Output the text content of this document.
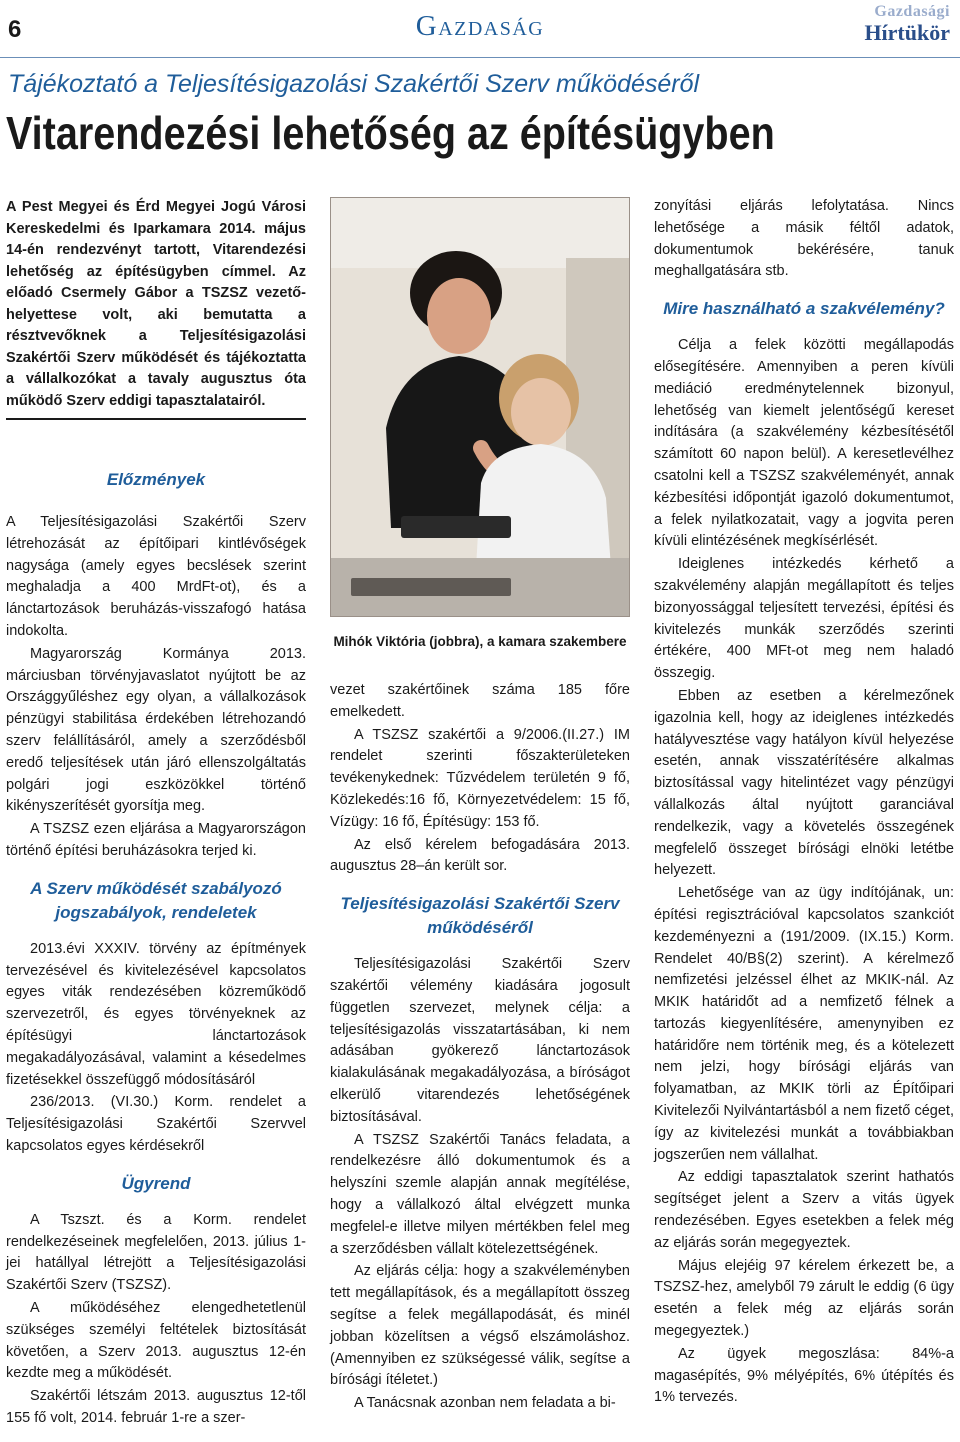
6	Gazdaság	Gazdasági
Hírtükör
Tájékoztató a Teljesítésigazolási Szakértői Szerv működéséről
Vitarendezési lehetőség az építésügyben

A Pest Megyei és Érd Megyei Jogú Városi Kereskedelmi és Iparkamara 2014. május 14-én rendezvényt tartott, Vitarendezési lehetőség az építésügyben címmel. Az előadó Csermely Gábor a TSZSZ vezető-helyettese volt, aki bemutatta a résztvevőknek a Teljesítésigazolási Szakértői Szerv működését és tájékoztatta a vállalkozókat a tavaly augusztus óta működő Szerv eddigi tapasztalatairól.

Előzmények

A Teljesítésigazolási Szakértői Szerv létrehozását az építőipari kintlévőségek nagysága (amely egyes becslések szerint meghaladja a 400 MrdFt-ot), és a lánctartozások beruházás-visszafogó hatása indokolta.

Magyarország Kormánya 2013. márciusban törvényjavaslatot nyújtott be az Országgyűléshez egy olyan, a vállalkozások pénzügyi stabilitása érdekében létrehozandó szerv felállításáról, amely a szerződésből eredő teljesítések után járó ellenszolgáltatás polgári jogi eszközökkel történő kikényszerítését gyorsítja meg.

A TSZSZ ezen eljárása a Magyarországon történő építési beruházásokra terjed ki.

A Szerv működését szabályozó jogszabályok, rendeletek

2013.évi XXXIV. törvény az építmények tervezésével és kivitelezésével kapcsolatos egyes viták rendezésében közreműködő szervezetről, és egyes törvényeknek az építésügyi lánctartozások megakadályozásával, valamint a késedelmes fizetésekkel összefüggő módosításáról

236/2013. (VI.30.) Korm. rendelet a Teljesítésigazolási Szakértői Szervvel kapcsolatos egyes kérdésekről

Ügyrend

A Tszszt. és a Korm. rendelet rendelkezéseinek megfelelően, 2013. július 1-jei hatállyal létrejött a Teljesítésigazolási Szakértői Szerv (TSZSZ).

A működéséhez elengedhetetlenül szükséges személyi feltételek biztosítását követően, a Szerv 2013. augusztus 12-én kezdte meg a működését.

Szakértői létszám 2013. augusztus 12-től 155 fő volt, 2014. február 1-re a szer-

Mihók Viktória (jobbra), a kamara szakembere

vezet szakértőinek száma 185 főre emelkedett.

A TSZSZ szakértői a 9/2006.(II.27.) IM rendelet szerinti főszakterületeken tevékenykednek: Tűzvédelem területén 9 fő, Közlekedés:16 fő, Környezetvédelem: 15 fő, Vízügy: 16 fő, Építésügy: 153 fő.

Az első kérelem befogadására 2013. augusztus 28–án került sor.

Teljesítésigazolási Szakértői Szerv működéséről

Teljesítésigazolási Szakértői Szerv szakértői vélemény kiadására jogosult független szervezet, melynek célja: a teljesítésigazolás visszatartásában, ki nem adásában gyökerező lánctartozások kialakulásának megakadályozása, a bíróságot elkerülő vitarendezés lehetőségének biztosításával.

A TSZSZ Szakértői Tanács feladata, a rendelkezésre álló dokumentumok és a helyszíni szemle alapján annak megítélése, hogy a vállalkozó által elvégzett munka megfelel-e illetve milyen mértékben felel meg a szerződésben vállalt kötelezettségének.

Az eljárás célja: hogy a szakvéleményben tett megállapítások, és a megállapított összeg segítse a felek megállapodását, és minél jobban közelítsen a végső elszámoláshoz. (Amennyiben ez szükségessé válik, segítse a bírósági ítéletet.)

A Tanácsnak azonban nem feladata a bi-

zonyítási eljárás lefolytatása. Nincs lehetősége a másik féltől adatok, dokumentumok bekérésére, tanuk meghallgatására stb.

Mire használható a szakvélemény?

Célja a felek közötti megállapodás elősegítésére. Amennyiben a peren kívüli mediáció eredménytelennek bizonyul, lehetőség van kiemelt jelentőségű kereset indítására (a szakvélemény kézbesítésétől számított 60 napon belül). A keresetlevélhez csatolni kell a TSZSZ szakvéleményét, annak kézbesítési időpontját igazoló dokumentumot, a felek nyilatkozatait, vagy a jogvita peren kívüli elintézésének megkísérlését.

Ideiglenes intézkedés kérhető a szakvélemény alapján megállapított és teljes bizonyossággal teljesített tervezési, építési és kivitelezés munkák szerződés szerinti értékére, 400 MFt-ot meg nem haladó összegig.

Ebben az esetben a kérelmezőnek igazolnia kell, hogy az ideiglenes intézkedés hatályvesztése vagy hatályon kívül helyezése esetén, annak visszatérítésére alkalmas biztosítással vagy hitelintézet vagy pénzügyi vállalkozás által nyújtott garanciával rendelkezik, vagy a követelés összegének megfelelő összeget bírósági elnöki letétbe helyezett.

Lehetősége van az ügy indítójának, un: építési regisztrációval kapcsolatos szankciót kezdeményezni a (191/2009. (IX.15.) Korm. Rendelet 40/B§(2) szerint). A kérelmező nemfizetési jelzéssel élhet az MKIK-nál. Az MKIK határidőt ad a nemfizető félnek a tartozás kiegyenlítésére, amenynyiben ez határidőre nem történik meg, és a kötelezett nem jelzi, hogy bírósági eljárás van folyamatban, az MKIK törli az Építőipari Kivitelezői Nyilvántartásból a nem fizető céget, így az kivitelezési munkát a továbbiakban jogszerűen nem vállalhat.

Az eddigi tapasztalatok szerint hathatós segítséget jelent a Szerv a vitás ügyek rendezésében. Egyes esetekben a felek még az eljárás során megegyeztek.

Május elejéig 97 kérelem érkezett be, a TSZSZ-hez, amelyből 79 zárult le eddig (6 ügy esetén a felek még az eljárás során megegyeztek.)

Az ügyek megoszlása: 84%-a magasépítés, 9% mélyépítés, 6% útépítés és 1% tervezés.
